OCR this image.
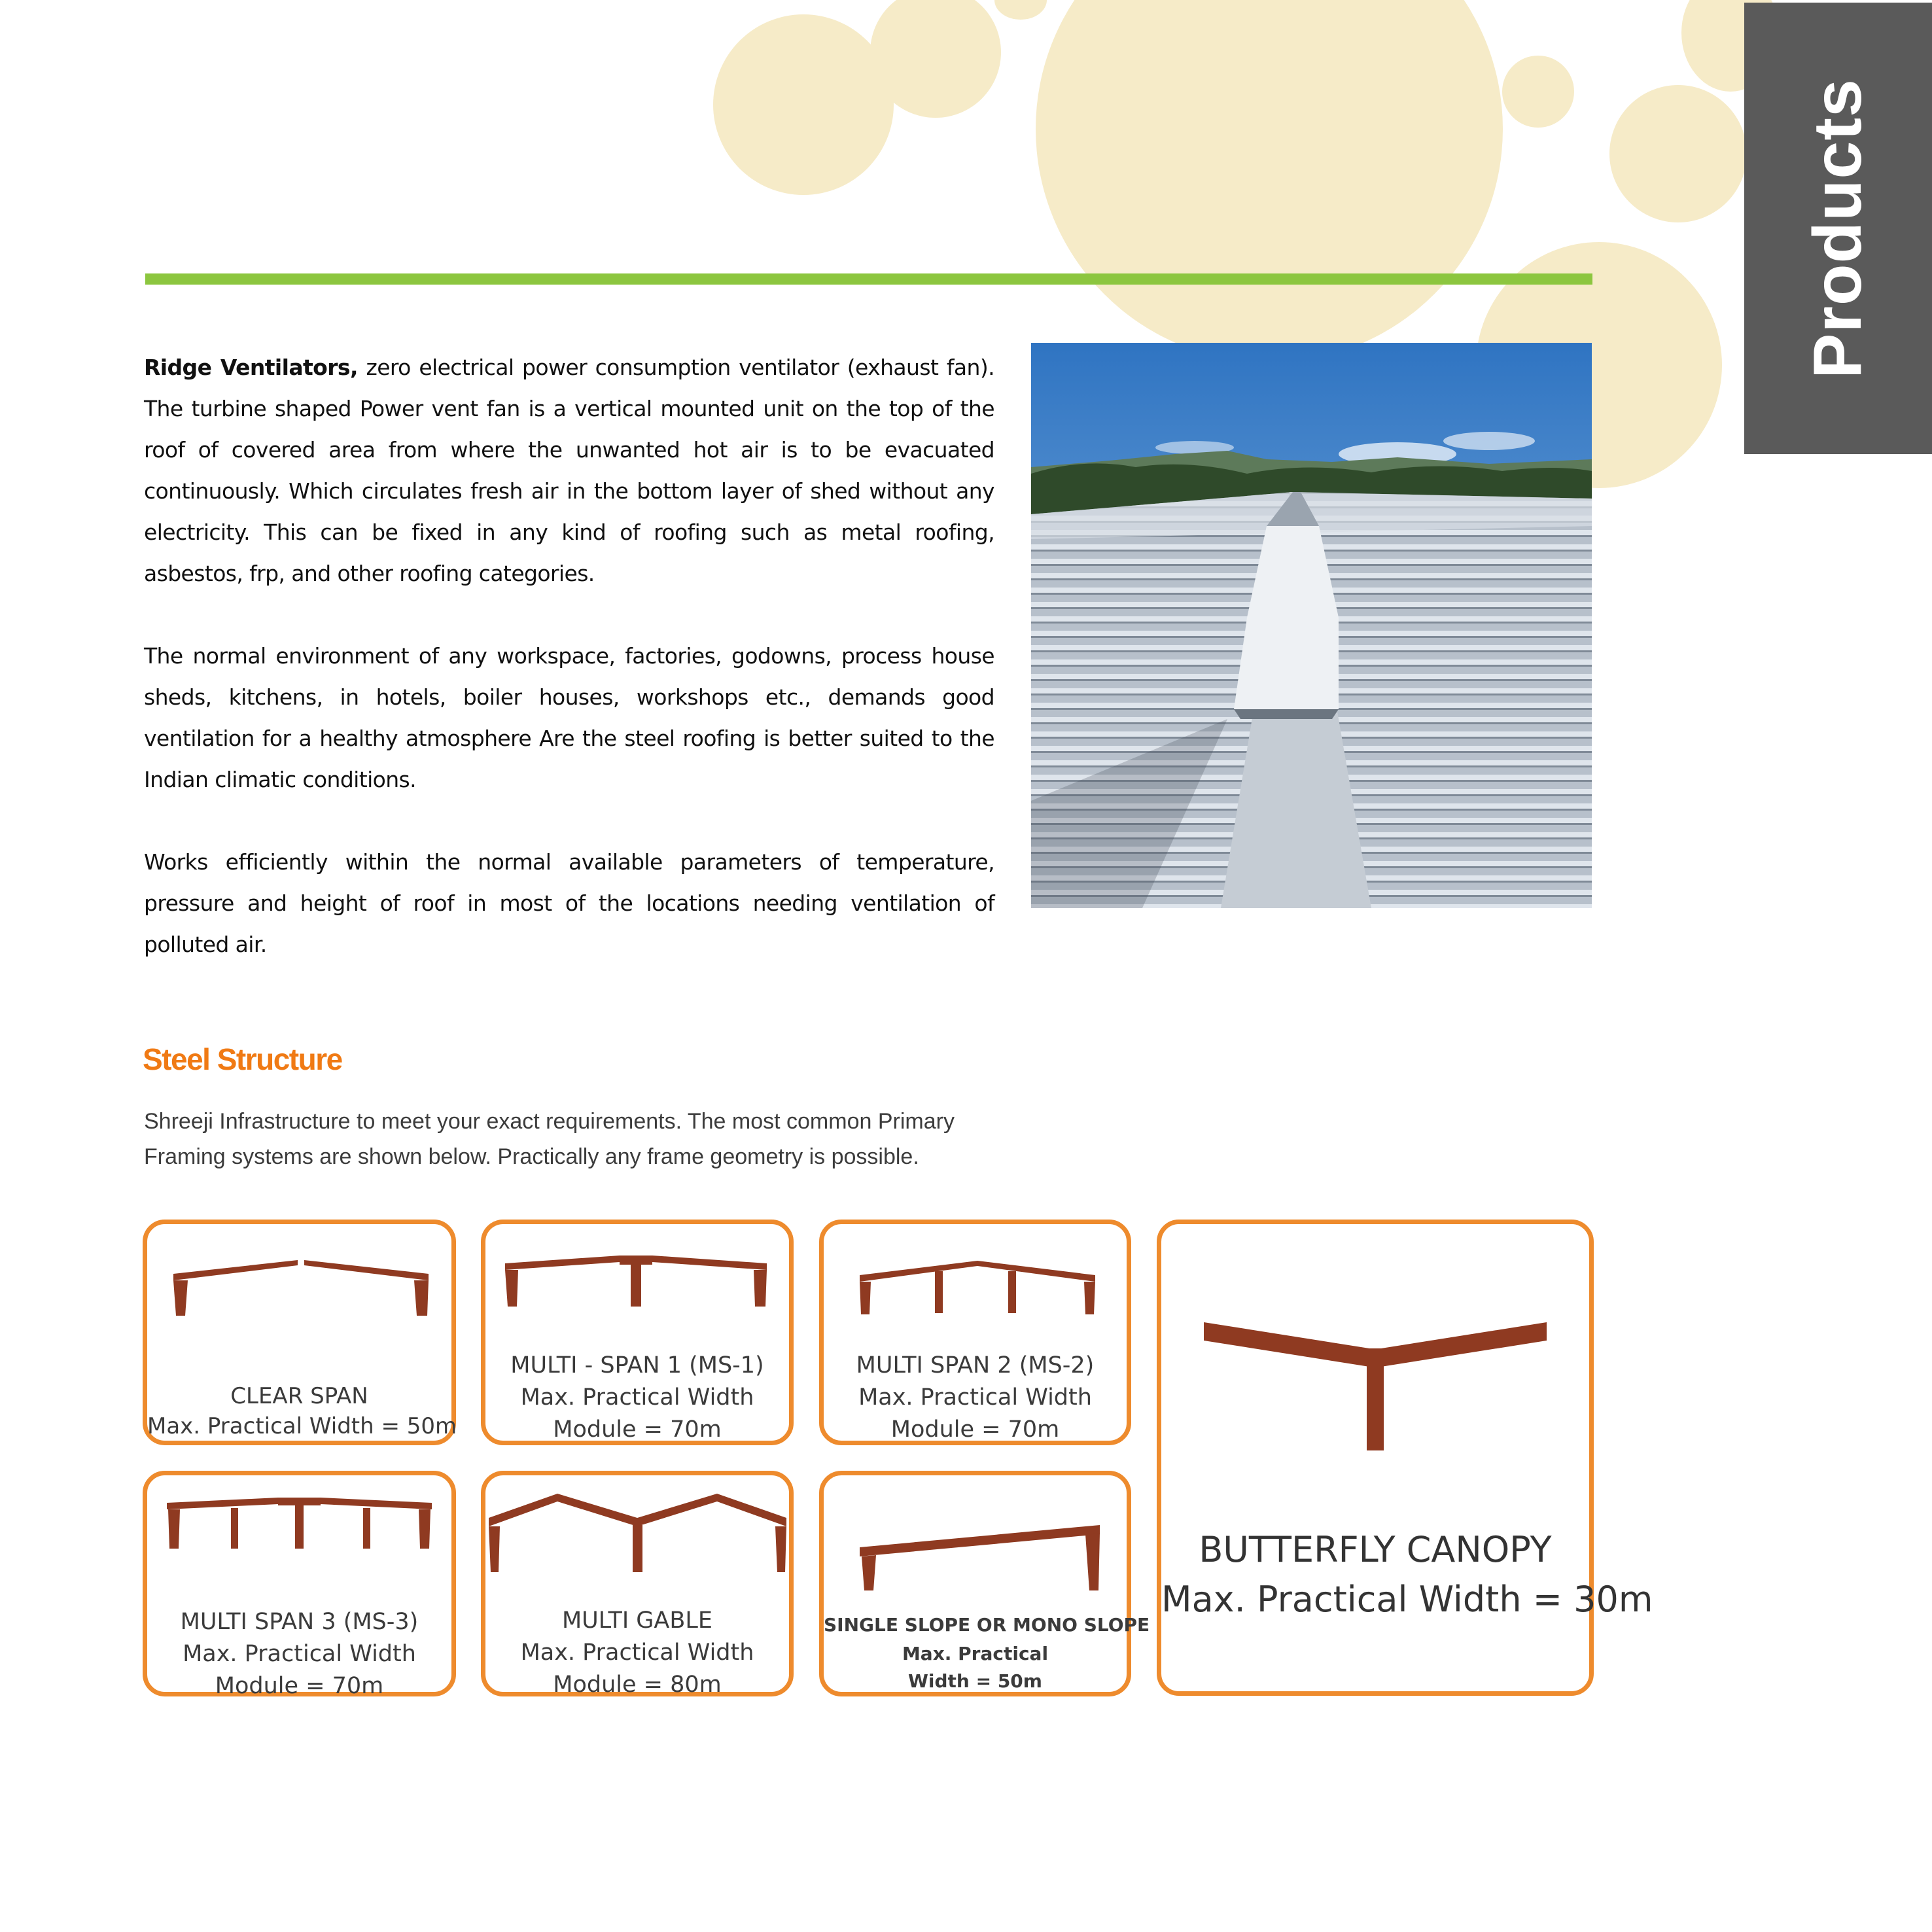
Products

Ridge Ventilators, zero electrical power consumption ventilator (exhaust fan). The turbine shaped Power vent fan is a vertical mounted unit on the top of the roof of covered area from where the unwanted hot air is to be evacuated continuously. Which circulates fresh air in the bottom layer of shed without any electricity. This can be fixed in any kind of roofing such as metal roofing, asbestos, frp, and other roofing categories.

The normal environment of any workspace, factories, godowns, process house sheds, kitchens, in hotels, boiler houses, workshops etc., demands good ventilation for a healthy atmosphere Are the steel roofing is better suited to the Indian climatic conditions.

Works efficiently within the normal available parameters of temperature, pressure and height of roof in most of the locations needing ventilation of polluted air.

Steel Structure
Shreeji Infrastructure to meet your exact requirements. The most common Primary
Framing systems are shown below. Practically any frame geometry is possible.
CLEAR SPAN
Max. Practical Width = 50m
MULTI - SPAN 1 (MS-1)
Max. Practical Width
Module = 70m
MULTI SPAN 2 (MS-2)
Max. Practical Width
Module = 70m
BUTTERFLY CANOPY
Max. Practical Width = 30m
MULTI SPAN 3 (MS-3)
Max. Practical Width
Module = 70m
MULTI GABLE
Max. Practical Width
Module = 80m
SINGLE SLOPE OR MONO SLOPE
Max. Practical
Width = 50m
